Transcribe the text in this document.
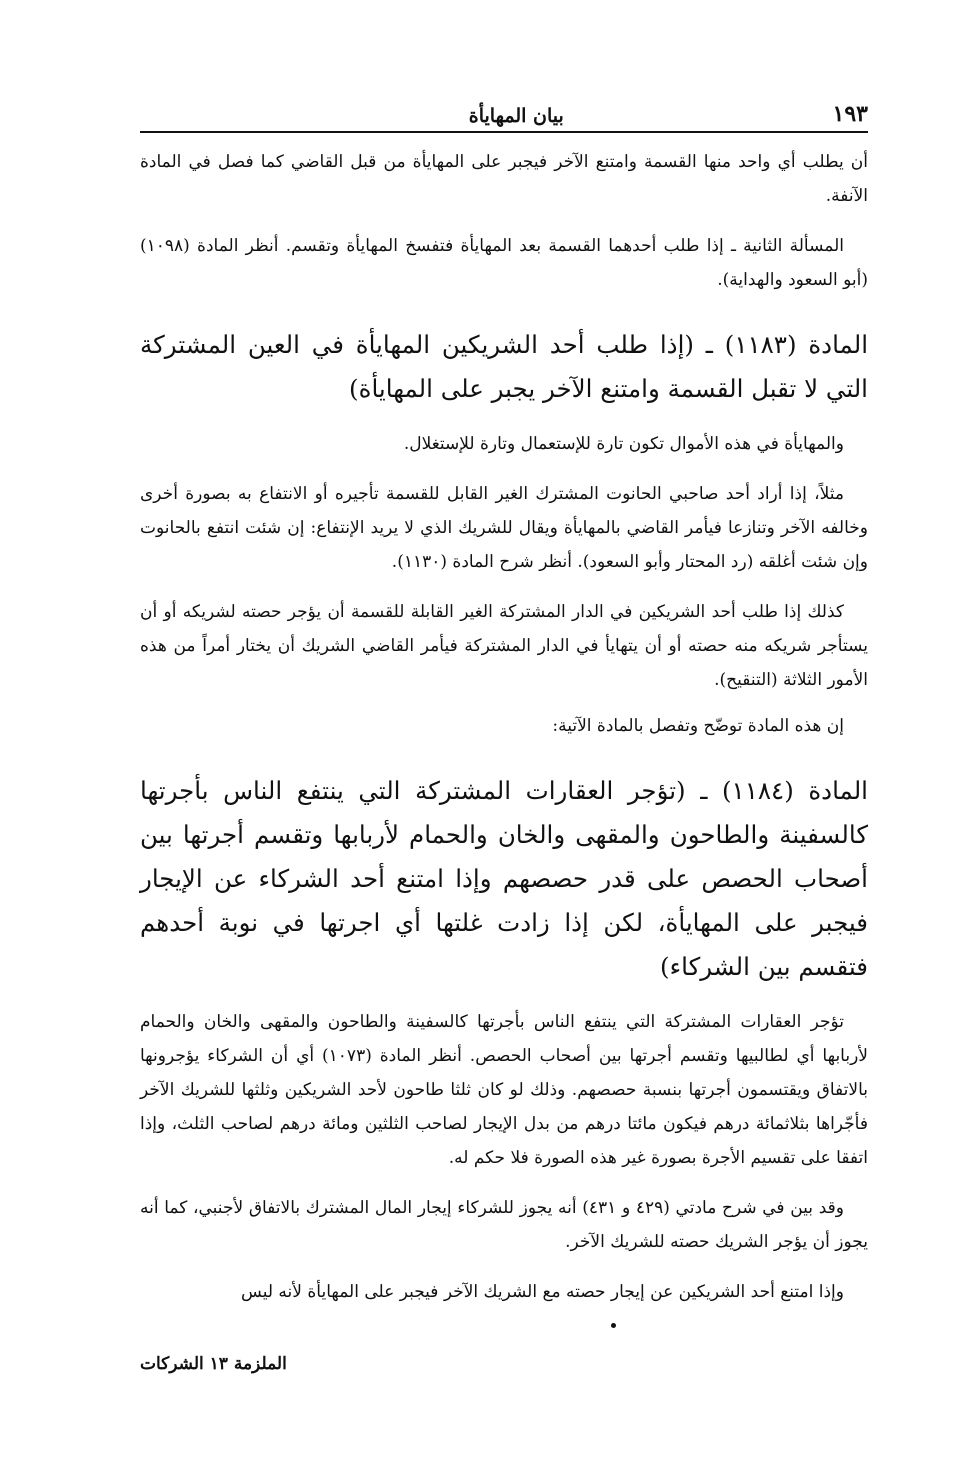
١٩٣
بيان المهايأة

أن يطلب أي واحد منها القسمة وامتنع الآخر فيجبر على المهايأة من قبل القاضي كما فصل في المادة الآنفة.

المسألة الثانية ـ إذا طلب أحدهما القسمة بعد المهايأة فتفسخ المهايأة وتقسم. أنظر المادة (١٠٩٨) (أبو السعود والهداية).

المادة (١١٨٣) ـ (إذا طلب أحد الشريكين المهايأة في العين المشتركة التي لا تقبل القسمة وامتنع الآخر يجبر على المهايأة)

والمهايأة في هذه الأموال تكون تارة للإستعمال وتارة للإستغلال.

مثلاً، إذا أراد أحد صاحبي الحانوت المشترك الغير القابل للقسمة تأجيره أو الانتفاع به بصورة أخرى وخالفه الآخر وتنازعا فيأمر القاضي بالمهايأة ويقال للشريك الذي لا يريد الإنتفاع: إن شئت انتفع بالحانوت وإن شئت أغلقه (رد المحتار وأبو السعود). أنظر شرح المادة (١١٣٠).

كذلك إذا طلب أحد الشريكين في الدار المشتركة الغير القابلة للقسمة أن يؤجر حصته لشريكه أو أن يستأجر شريكه منه حصته أو أن يتهايأ في الدار المشتركة فيأمر القاضي الشريك أن يختار أمراً من هذه الأمور الثلاثة (التنقيح).

إن هذه المادة توضّح وتفصل بالمادة الآتية:

المادة (١١٨٤) ـ (تؤجر العقارات المشتركة التي ينتفع الناس بأجرتها كالسفينة والطاحون والمقهى والخان والحمام لأربابها وتقسم أجرتها بين أصحاب الحصص على قدر حصصهم وإذا امتنع أحد الشركاء عن الإيجار فيجبر على المهايأة، لكن إذا زادت غلتها أي اجرتها في نوبة أحدهم فتقسم بين الشركاء)

تؤجر العقارات المشتركة التي ينتفع الناس بأجرتها كالسفينة والطاحون والمقهى والخان والحمام لأربابها أي لطالبيها وتقسم أجرتها بين أصحاب الحصص. أنظر المادة (١٠٧٣) أي أن الشركاء يؤجرونها بالاتفاق ويقتسمون أجرتها بنسبة حصصهم. وذلك لو كان ثلثا طاحون لأحد الشريكين وثلثها للشريك الآخر فأجّراها بثلاثمائة درهم فيكون مائتا درهم من بدل الإيجار لصاحب الثلثين ومائة درهم لصاحب الثلث، وإذا اتفقا على تقسيم الأجرة بصورة غير هذه الصورة فلا حكم له.

وقد بين في شرح مادتي (٤٢٩ و ٤٣١) أنه يجوز للشركاء إيجار المال المشترك بالاتفاق لأجنبي، كما أنه يجوز أن يؤجر الشريك حصته للشريك الآخر.

وإذا امتنع أحد الشريكين عن إيجار حصته مع الشريك الآخر فيجبر على المهايأة لأنه ليس

الملزمة ١٣ الشركات
